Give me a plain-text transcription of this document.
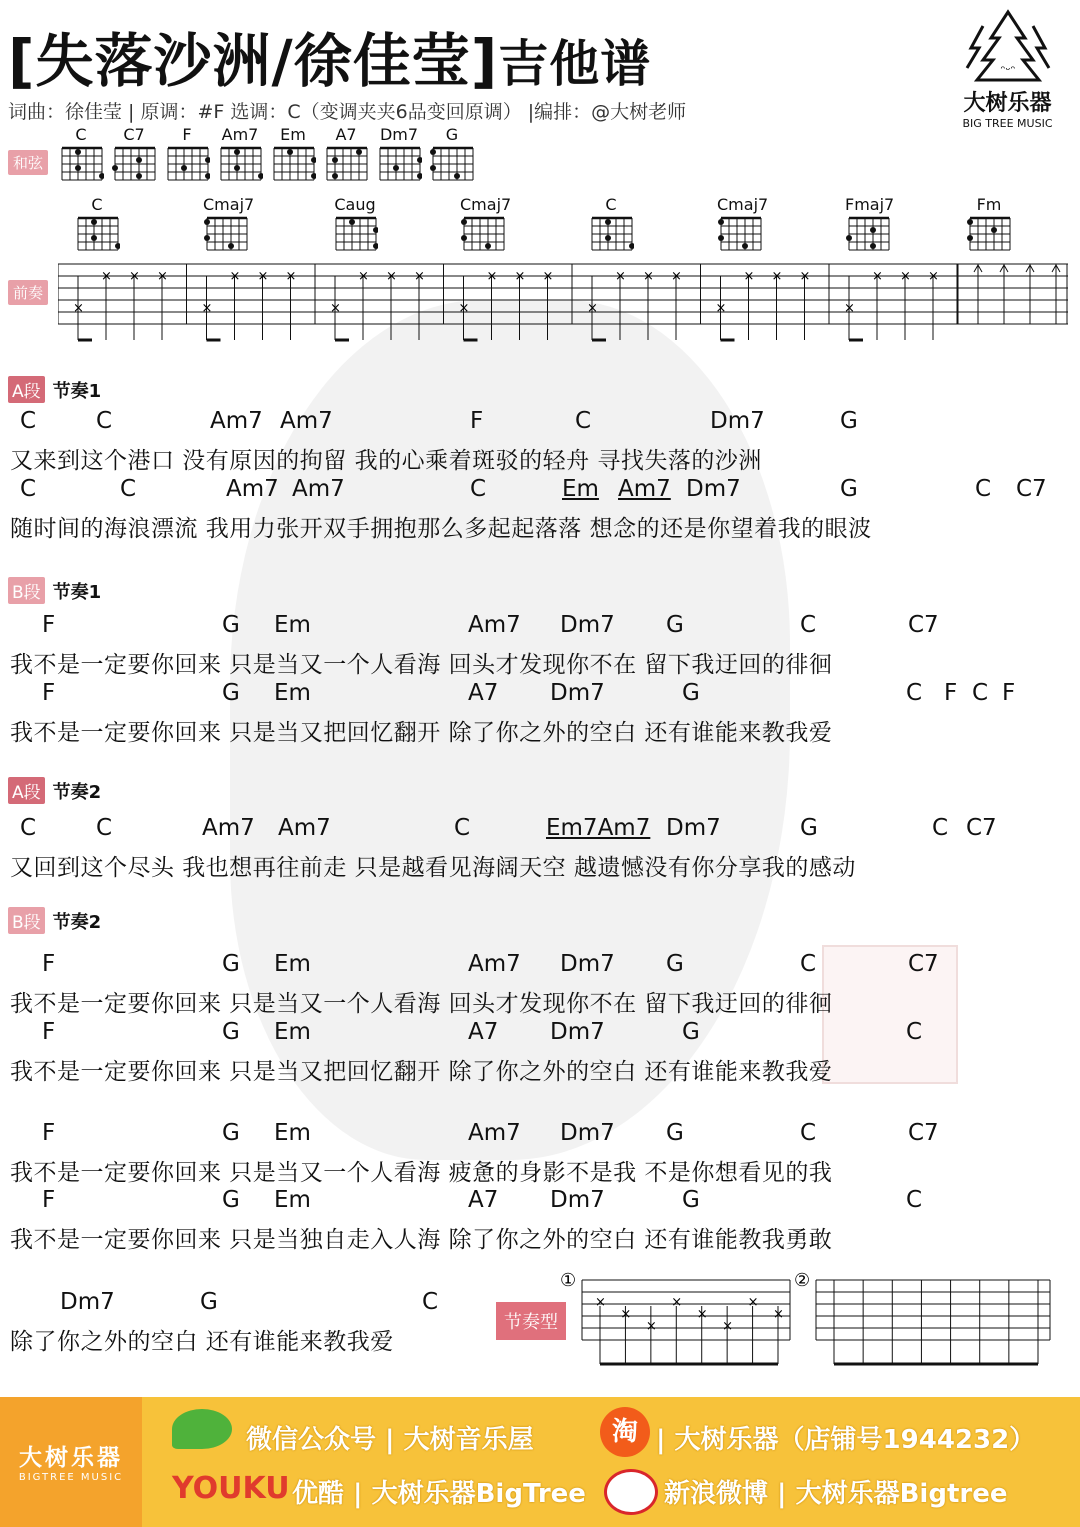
[失落沙洲/徐佳莹]吉他谱
词曲：徐佳莹 | 原调：#F 选调：C（变调夹夹6品变回原调） |编排：@大树老师
ᵔᵕᵔ
大树乐器
BIG TREE MUSIC
和弦
前奏
C	C7	F	Am7	Em	A7	Dm7	G
C	Cmaj7	Caug	Cmaj7	C	Cmaj7	Fmaj7	Fm
×
× × ×
×
× × ×
×
× × ×
×
× × ×
×
× × ×
×
× × ×
×
× × ×
A段 节奏1
C	C	Am7 Am7	F	C	Dm7	G
又来到这个港口 没有原因的拘留 我的心乘着斑驳的轻舟 寻找失落的沙洲
C	C	Am7 Am7	C	Em Am7 Dm7	G	C C7
随时间的海浪漂流 我用力张开双手拥抱那么多起起落落 想念的还是你望着我的眼波
B段 节奏1
F	G Em	Am7 Dm7 G	C	C7
我不是一定要你回来 只是当又一个人看海 回头才发现你不在 留下我迂回的徘徊
F	G Em	A7 Dm7	G	C F C F
我不是一定要你回来 只是当又把回忆翻开 除了你之外的空白 还有谁能来教我爱
A段 节奏2
C	C	Am7 Am7	C	Em7Am7 Dm7	G	C C7
又回到这个尽头 我也想再往前走 只是越看见海阔天空 越遗憾没有你分享我的感动
B段 节奏2
F	G Em	Am7 Dm7 G	C	C7
我不是一定要你回来 只是当又一个人看海 回头才发现你不在 留下我迂回的徘徊
F	G Em	A7 Dm7	G	C
我不是一定要你回来 只是当又把回忆翻开 除了你之外的空白 还有谁能来教我爱
F	G Em	Am7 Dm7 G	C	C7
我不是一定要你回来 只是当又一个人看海 疲惫的身影不是我 不是你想看见的我
F	G Em	A7 Dm7	G	C
我不是一定要你回来 只是当独自走入人海 除了你之外的空白 还有谁能教我勇敢
Dm7	G	C
除了你之外的空白 还有谁能来教我爱
节奏型
×
×
×
×
×
×
×
×
①	②
大树乐器
BIGTREE MUSIC
微信公众号 | 大树音乐屋	淘 | 大树乐器（店铺号1944232）
YOUKU 优酷 | 大树乐器BigTree	新浪微博 | 大树乐器Bigtree
